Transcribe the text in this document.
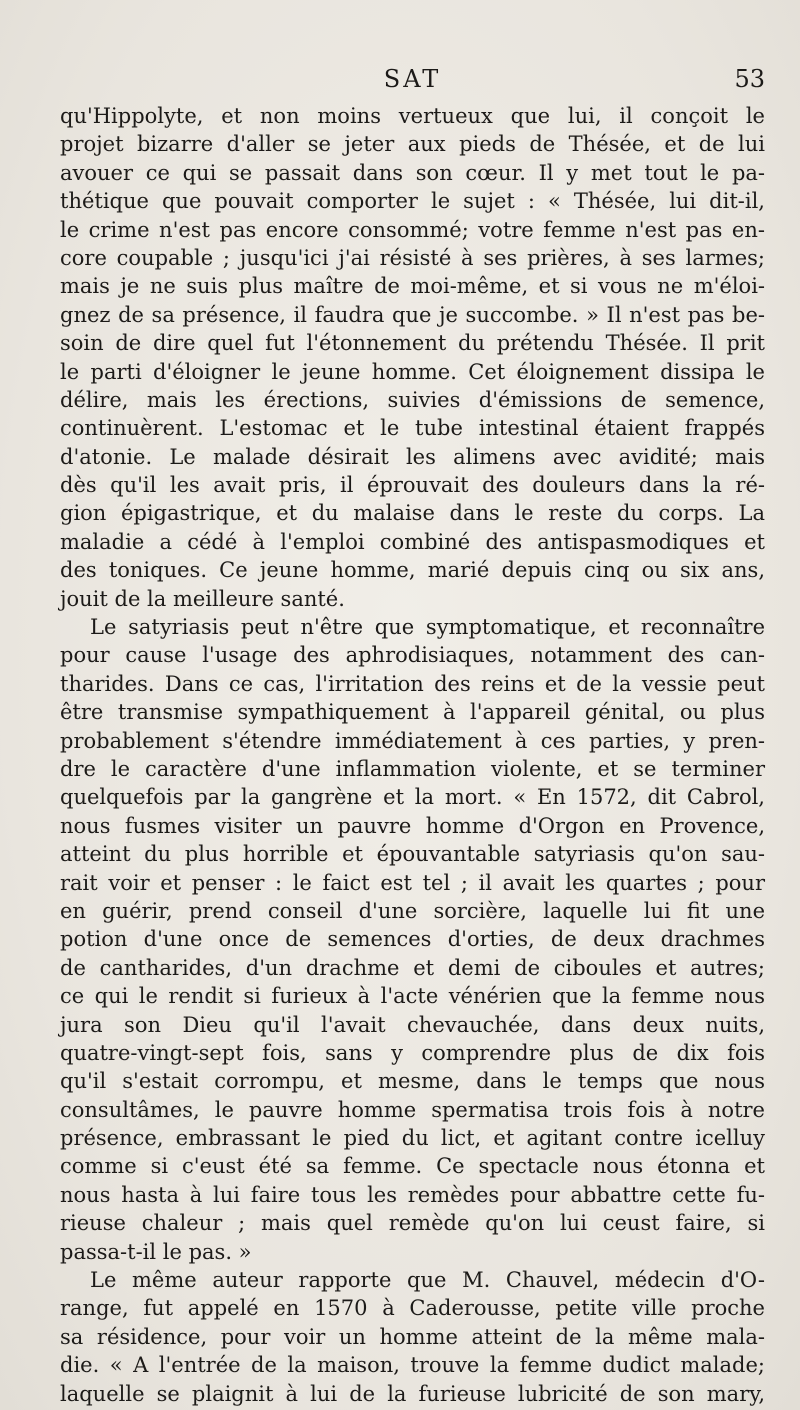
SAT	53
qu'Hippolyte, et non moins vertueux que lui, il conçoit le
projet bizarre d'aller se jeter aux pieds de Thésée, et de lui
avouer ce qui se passait dans son cœur. Il y met tout le pa-
thétique que pouvait comporter le sujet : « Thésée, lui dit-il,
le crime n'est pas encore consommé; votre femme n'est pas en-
core coupable ; jusqu'ici j'ai résisté à ses prières, à ses larmes;
mais je ne suis plus maître de moi-même, et si vous ne m'éloi-
gnez de sa présence, il faudra que je succombe. » Il n'est pas be-
soin de dire quel fut l'étonnement du prétendu Thésée. Il prit
le parti d'éloigner le jeune homme. Cet éloignement dissipa le
délire, mais les érections, suivies d'émissions de semence,
continuèrent. L'estomac et le tube intestinal étaient frappés
d'atonie. Le malade désirait les alimens avec avidité; mais
dès qu'il les avait pris, il éprouvait des douleurs dans la ré-
gion épigastrique, et du malaise dans le reste du corps. La
maladie a cédé à l'emploi combiné des antispasmodiques et
des toniques. Ce jeune homme, marié depuis cinq ou six ans,
jouit de la meilleure santé.
Le satyriasis peut n'être que symptomatique, et reconnaître
pour cause l'usage des aphrodisiaques, notamment des can-
tharides. Dans ce cas, l'irritation des reins et de la vessie peut
être transmise sympathiquement à l'appareil génital, ou plus
probablement s'étendre immédiatement à ces parties, y pren-
dre le caractère d'une inflammation violente, et se terminer
quelquefois par la gangrène et la mort. « En 1572, dit Cabrol,
nous fusmes visiter un pauvre homme d'Orgon en Provence,
atteint du plus horrible et épouvantable satyriasis qu'on sau-
rait voir et penser : le faict est tel ; il avait les quartes ; pour
en guérir, prend conseil d'une sorcière, laquelle lui fit une
potion d'une once de semences d'orties, de deux drachmes
de cantharides, d'un drachme et demi de ciboules et autres;
ce qui le rendit si furieux à l'acte vénérien que la femme nous
jura son Dieu qu'il l'avait chevauchée, dans deux nuits,
quatre-vingt-sept fois, sans y comprendre plus de dix fois
qu'il s'estait corrompu, et mesme, dans le temps que nous
consultâmes, le pauvre homme spermatisa trois fois à notre
présence, embrassant le pied du lict, et agitant contre icelluy
comme si c'eust été sa femme. Ce spectacle nous étonna et
nous hasta à lui faire tous les remèdes pour abbattre cette fu-
rieuse chaleur ; mais quel remède qu'on lui ceust faire, si
passa-t-il le pas. »
Le même auteur rapporte que M. Chauvel, médecin d'O-
range, fut appelé en 1570 à Caderousse, petite ville proche
sa résidence, pour voir un homme atteint de la même mala-
die. « A l'entrée de la maison, trouve la femme dudict malade;
laquelle se plaignit à lui de la furieuse lubricité de son mary,
